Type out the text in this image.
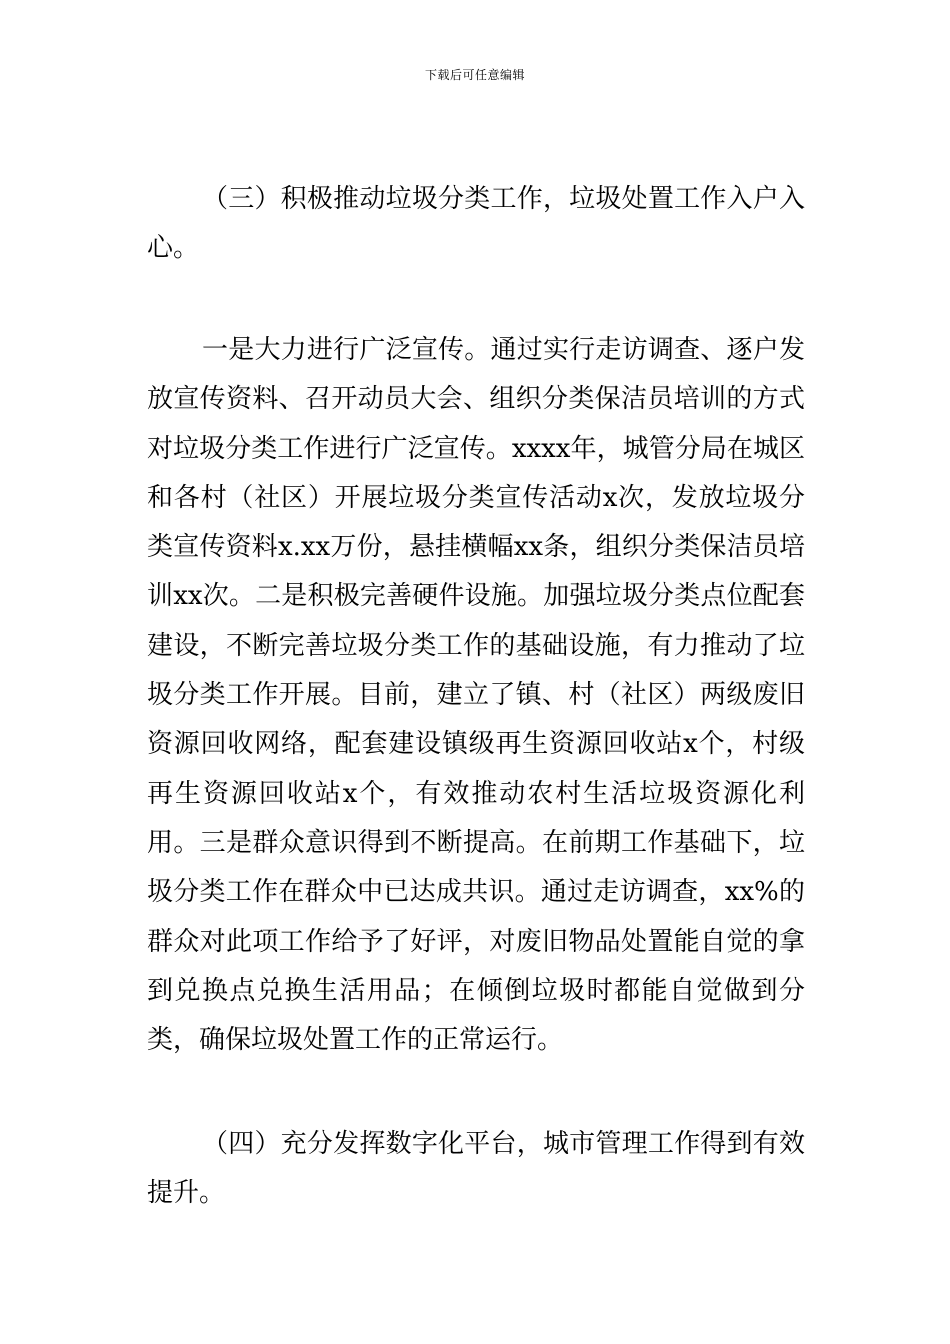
下载后可任意编辑

（三）积极推动垃圾分类工作，垃圾处置工作入户入心。

一是大力进行广泛宣传。通过实行走访调查、逐户发放宣传资料、召开动员大会、组织分类保洁员培训的方式对垃圾分类工作进行广泛宣传。xxxx年，城管分局在城区和各村（社区）开展垃圾分类宣传活动x次，发放垃圾分类宣传资料x.xx万份，悬挂横幅xx条，组织分类保洁员培训xx次。二是积极完善硬件设施。加强垃圾分类点位配套建设，不断完善垃圾分类工作的基础设施，有力推动了垃圾分类工作开展。目前，建立了镇、村（社区）两级废旧资源回收网络，配套建设镇级再生资源回收站x个，村级再生资源回收站x个，有效推动农村生活垃圾资源化利用。三是群众意识得到不断提高。在前期工作基础下，垃圾分类工作在群众中已达成共识。通过走访调查，xx%的群众对此项工作给予了好评，对废旧物品处置能自觉的拿到兑换点兑换生活用品；在倾倒垃圾时都能自觉做到分类，确保垃圾处置工作的正常运行。

（四）充分发挥数字化平台，城市管理工作得到有效提升。
